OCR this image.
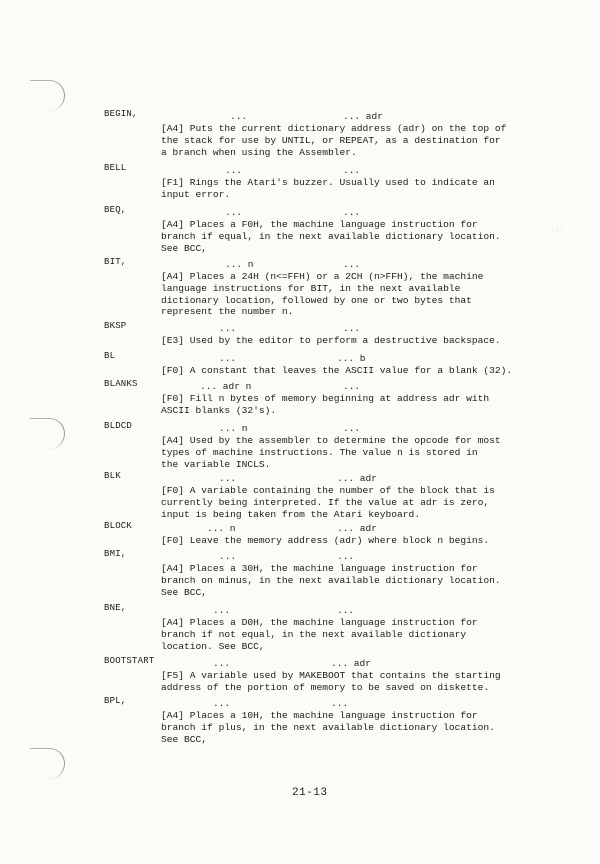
··
BEGIN,	...	... adr
[A4] Puts the current dictionary address (adr) on the top of
the stack for use by UNTIL, or REPEAT, as a destination for
a branch when using the Assembler.
BELL	...	...
[F1] Rings the Atari's buzzer. Usually used to indicate an
input error.
BEQ,	...	...
[A4] Places a F0H, the machine language instruction for
branch if equal, in the next available dictionary location.
See BCC,
BIT,	... n	...
[A4] Places a 24H (n<=FFH) or a 2CH (n>FFH), the machine
language instructions for BIT, in the next available
dictionary location, followed by one or two bytes that
represent the number n.
BKSP	...	...
[E3] Used by the editor to perform a destructive backspace.
BL	...	... b
[F0] A constant that leaves the ASCII value for a blank (32).
BLANKS	... adr n	...
[F0] Fill n bytes of memory beginning at address adr with
ASCII blanks (32's).
BLDCD	... n	...
[A4] Used by the assembler to determine the opcode for most
types of machine instructions. The value n is stored in
the variable INCLS.
BLK	...	... adr
[F0] A variable containing the number of the block that is
currently being interpreted. If the value at adr is zero,
input is being taken from the Atari keyboard.
BLOCK	... n	... adr
[F0] Leave the memory address (adr) where block n begins.
BMI,	...	...
[A4] Places a 30H, the machine language instruction for
branch on minus, in the next available dictionary location.
See BCC,
BNE,	...	...
[A4] Places a D0H, the machine language instruction for
branch if not equal, in the next available dictionary
location. See BCC,
BOOTSTART	...	... adr
[F5] A variable used by MAKEBOOT that contains the starting
address of the portion of memory to be saved on diskette.
BPL,	...	...
[A4] Places a 10H, the machine language instruction for
branch if plus, in the next available dictionary location.
See BCC,
21-13
